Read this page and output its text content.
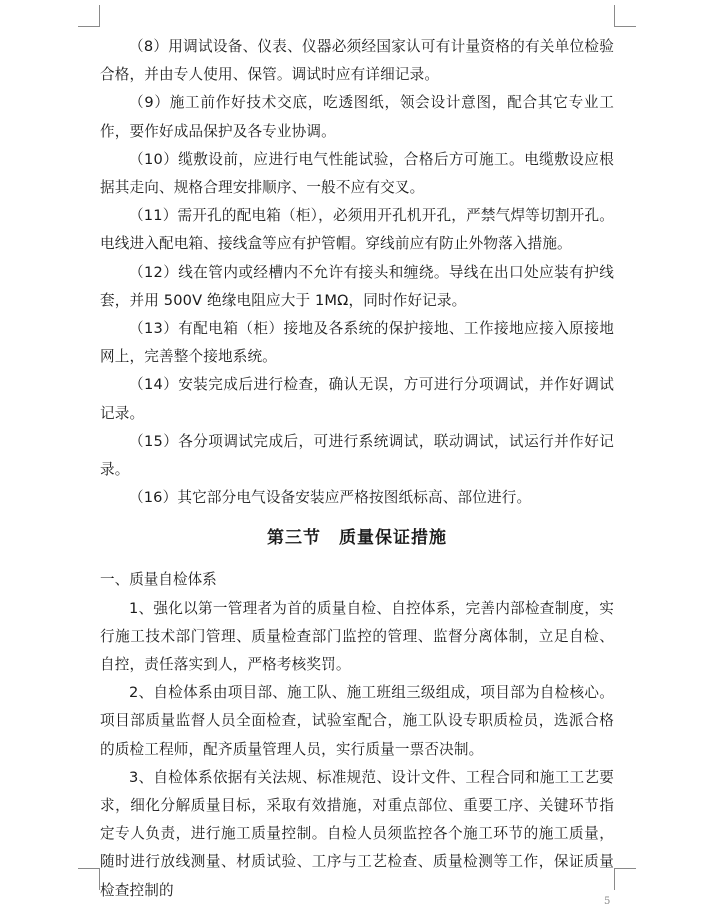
（8）用调试设备、仪表、仪器必须经国家认可有计量资格的有关单位检验合格，并由专人使用、保管。调试时应有详细记录。

（9）施工前作好技术交底，吃透图纸，领会设计意图，配合其它专业工作，要作好成品保护及各专业协调。

（10）缆敷设前，应进行电气性能试验，合格后方可施工。电缆敷设应根据其走向、规格合理安排顺序、一般不应有交叉。

（11）需开孔的配电箱（柜），必须用开孔机开孔，严禁气焊等切割开孔。电线进入配电箱、接线盒等应有护管帽。穿线前应有防止外物落入措施。

（12）线在管内或经槽内不允许有接头和缠绕。导线在出口处应装有护线套，并用 500V 绝缘电阻应大于 1MΩ，同时作好记录。

（13）有配电箱（柜）接地及各系统的保护接地、工作接地应接入原接地网上，完善整个接地系统。

（14）安装完成后进行检查，确认无误，方可进行分项调试，并作好调试记录。

（15）各分项调试完成后，可进行系统调试，联动调试，试运行并作好记录。

（16）其它部分电气设备安装应严格按图纸标高、部位进行。

第三节　质量保证措施

一、质量自检体系

1、强化以第一管理者为首的质量自检、自控体系，完善内部检查制度，实行施工技术部门管理、质量检查部门监控的管理、监督分离体制，立足自检、自控，责任落实到人，严格考核奖罚。

2、自检体系由项目部、施工队、施工班组三级组成，项目部为自检核心。项目部质量监督人员全面检查，试验室配合，施工队设专职质检员，选派合格的质检工程师，配齐质量管理人员，实行质量一票否决制。

3、自检体系依据有关法规、标准规范、设计文件、工程合同和施工工艺要求，细化分解质量目标，采取有效措施，对重点部位、重要工序、关键环节指定专人负责，进行施工质量控制。自检人员须监控各个施工环节的施工质量，随时进行放线测量、材质试验、工序与工艺检查、质量检测等工作，保证质量检查控制的

5
